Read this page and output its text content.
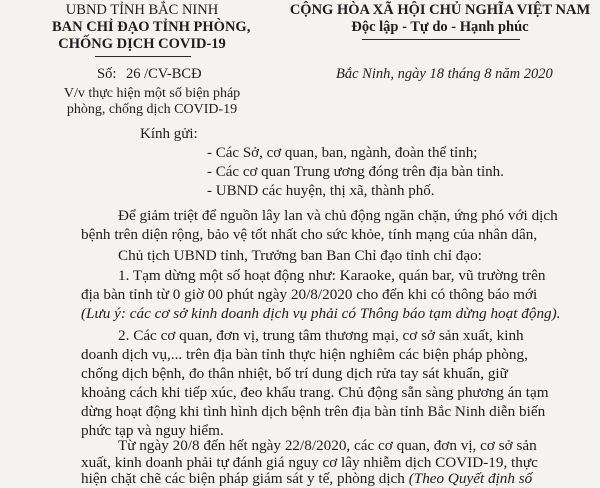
UBND TỈNH BẮC NINH
BAN CHỈ ĐẠO TỈNH PHÒNG,
CHỐNG DỊCH COVID-19
CỘNG HÒA XÃ HỘI CHỦ NGHĨA VIỆT NAM
Độc lập - Tự do - Hạnh phúc
Số: 26 /CV-BCĐ	Bắc Ninh, ngày 18 tháng 8 năm 2020
V/v thực hiện một số biện pháp
phòng, chống dịch COVID-19
Kính gửi:
- Các Sở, cơ quan, ban, ngành, đoàn thể tỉnh;
- Các cơ quan Trung ương đóng trên địa bàn tỉnh.
- UBND các huyện, thị xã, thành phố.
Để giảm triệt để nguồn lây lan và chủ động ngăn chặn, ứng phó với dịch
bệnh trên diện rộng, bảo vệ tốt nhất cho sức khỏe, tính mạng của nhân dân,
Chủ tịch UBND tỉnh, Trưởng ban Ban Chỉ đạo tỉnh chỉ đạo:
1. Tạm dừng một số hoạt động như: Karaoke, quán bar, vũ trường trên
địa bàn tỉnh từ 0 giờ 00 phút ngày 20/8/2020 cho đến khi có thông báo mới
(Lưu ý: các cơ sở kinh doanh dịch vụ phải có Thông báo tạm dừng hoạt động).
2. Các cơ quan, đơn vị, trung tâm thương mại, cơ sở sản xuất, kinh
doanh dịch vụ,... trên địa bàn tỉnh thực hiện nghiêm các biện pháp phòng,
chống dịch bệnh, đo thân nhiệt, bố trí dung dịch rửa tay sát khuẩn, giữ
khoảng cách khi tiếp xúc, đeo khẩu trang. Chủ động sẵn sàng phương án tạm
dừng hoạt động khi tình hình dịch bệnh trên địa bàn tỉnh Bắc Ninh diễn biến
phức tạp và nguy hiểm.
Từ ngày 20/8 đến hết ngày 22/8/2020, các cơ quan, đơn vị, cơ sở sản
xuất, kinh doanh phải tự đánh giá nguy cơ lây nhiễm dịch COVID-19, thực
hiện chặt chẽ các biện pháp giám sát y tế, phòng dịch (Theo Quyết định số
